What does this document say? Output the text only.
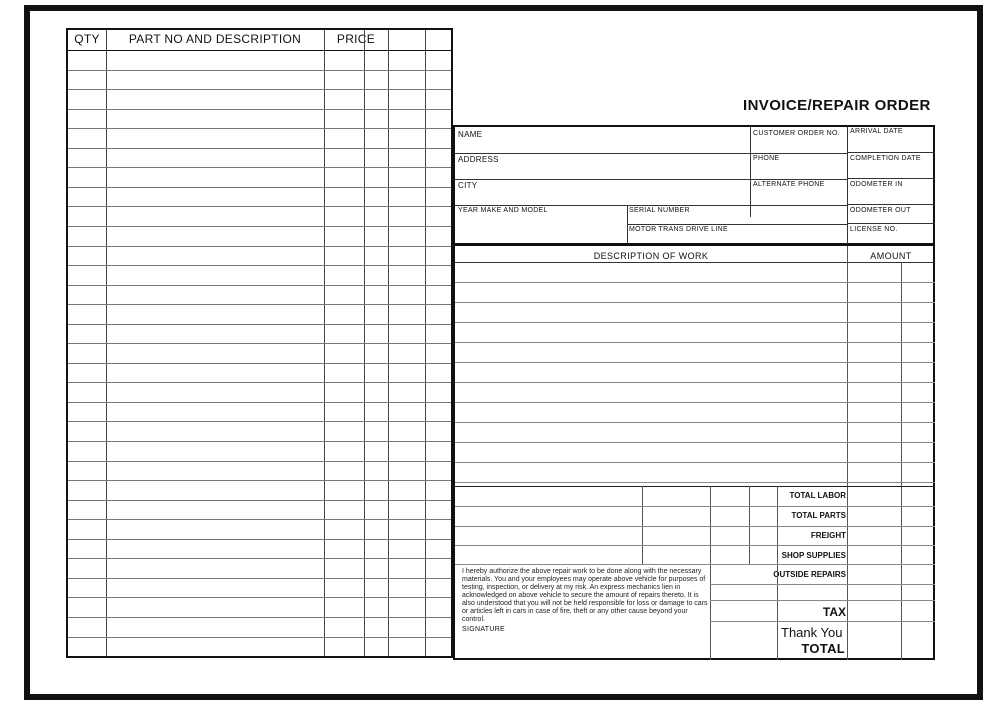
QTY	PART NO AND DESCRIPTION	PRICE
INVOICE/REPAIR ORDER
NAME
ADDRESS
CITY
YEAR MAKE AND MODEL	SERIAL NUMBER
MOTOR TRANS DRIVE LINE
CUSTOMER ORDER NO.
PHONE
ALTERNATE PHONE
ARRIVAL DATE
COMPLETION DATE
ODOMETER IN
ODOMETER OUT
LICENSE NO.
DESCRIPTION OF WORK	AMOUNT
TOTAL LABOR
TOTAL PARTS
FREIGHT
SHOP SUPPLIES
OUTSIDE REPAIRS
I hereby authorize the above repair work to be done along with the necessary materials. You and your employees may operate above vehicle for purposes of testing, inspection, or delivery at my risk. An express mechanics lien in acknowledged on above vehicle to secure the amount of repairs thereto. It is also understood that you will not be held responsible for loss or damage to cars or articles left in cars in case of fire, theft or any other cause beyond your control.
SIGNATURE
TAX
Thank You
TOTAL
